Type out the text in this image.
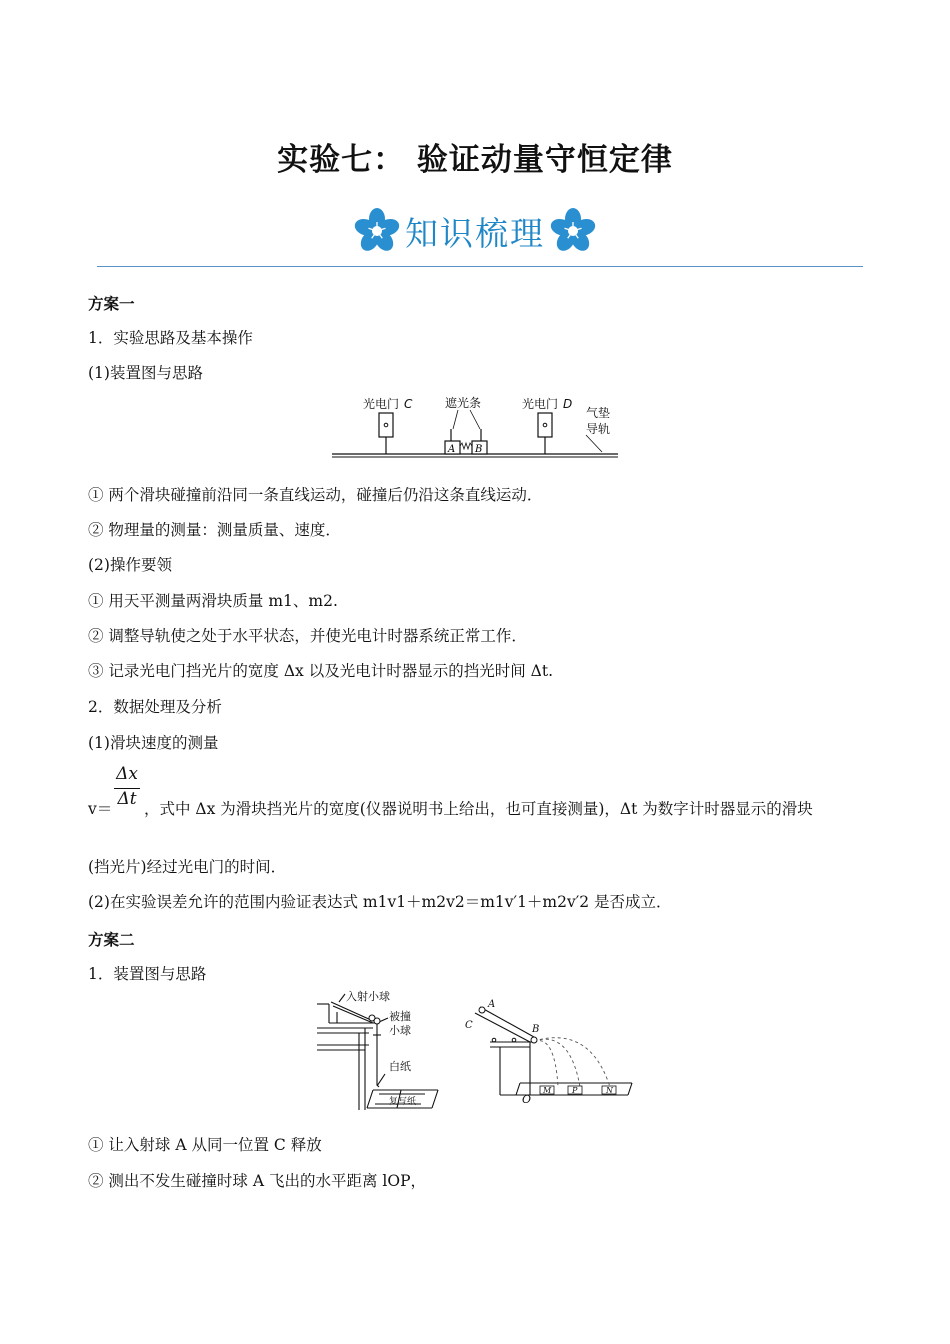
实验七： 验证动量守恒定律
知识梳理
方案一
1．实验思路及基本操作
(1)装置图与思路
光电门 C	遮光条	光电门 D
气垫
导轨
A B
① 两个滑块碰撞前沿同一条直线运动，碰撞后仍沿这条直线运动．
② 物理量的测量：测量质量、速度．
(2)操作要领
① 用天平测量两滑块质量 m1、m2.
② 调整导轨使之处于水平状态，并使光电计时器系统正常工作．
③ 记录光电门挡光片的宽度 Δx 以及光电计时器显示的挡光时间 Δt.
2．数据处理及分析
(1)滑块速度的测量
Δx
Δt
v＝ ，式中 Δx 为滑块挡光片的宽度(仪器说明书上给出，也可直接测量)，Δt 为数字计时器显示的滑块
(挡光片)经过光电门的时间．
(2)在实验误差允许的范围内验证表达式 m1v1＋m2v2＝m1v′1＋m2v′2 是否成立．
方案二
1．装置图与思路
入射小球
被撞
小球
白纸
复写纸
A
C	B
O
M	P	N
① 让入射球 A 从同一位置 C 释放
② 测出不发生碰撞时球 A 飞出的水平距离 lOP，
